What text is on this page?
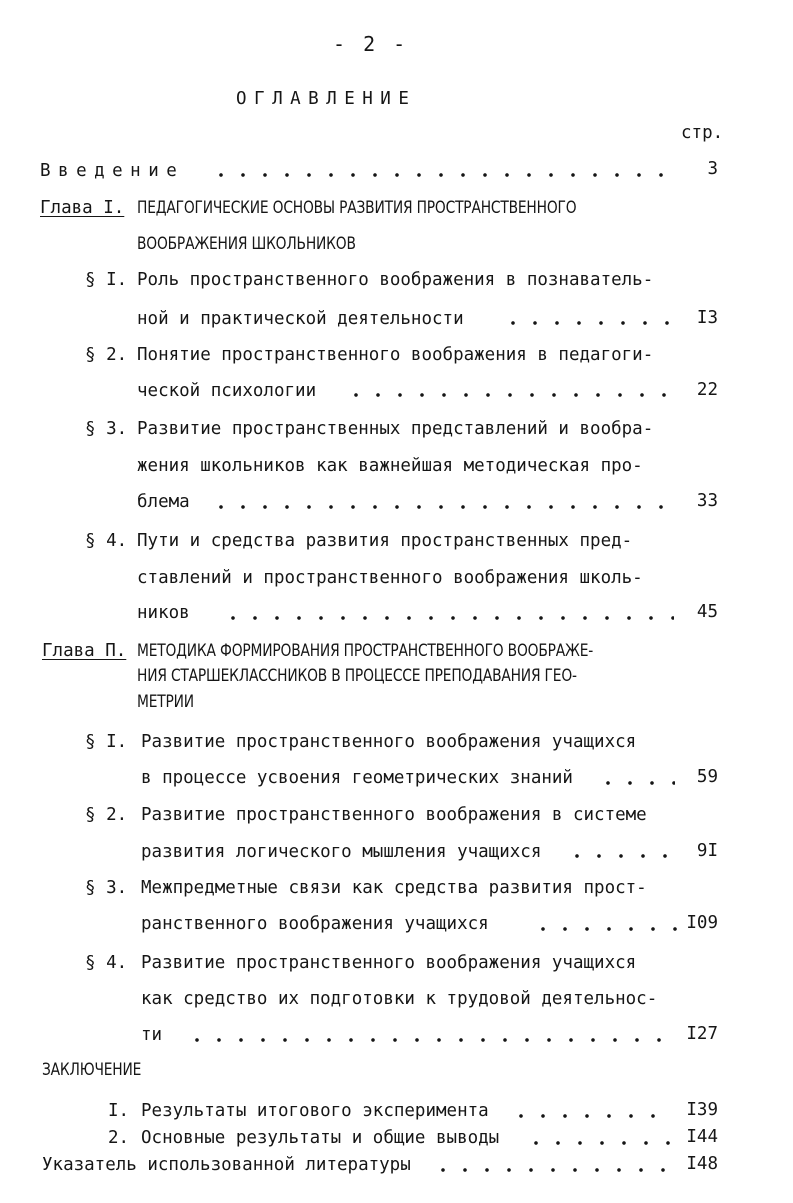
- 2 -
ОГЛАВЛЕНИЕ
стр.
Введение	3
Глава I. ПЕДАГОГИЧЕСКИЕ ОСНОВЫ РАЗВИТИЯ ПРОСТРАНСТВЕННОГО
ВООБРАЖЕНИЯ ШКОЛЬНИКОВ
§ I. Роль пространственного воображения в познаватель-
ной и практической деятельности	I3
§ 2. Понятие пространственного воображения в педагоги-
ческой психологии	22
§ 3. Развитие пространственных представлений и вообра-
жения школьников как важнейшая методическая про-
блема	33
§ 4. Пути и средства развития пространственных пред-
ставлений и пространственного воображения школь-
ников	45
Глава П. МЕТОДИКА ФОРМИРОВАНИЯ ПРОСТРАНСТВЕННОГО ВООБРАЖЕ-
НИЯ СТАРШЕКЛАССНИКОВ В ПРОЦЕССЕ ПРЕПОДАВАНИЯ ГЕО-
МЕТРИИ
§ I. Развитие пространственного воображения учащихся
в процессе усвоения геометрических знаний	59
§ 2. Развитие пространственного воображения в системе
развития логического мышления учащихся	9I
§ 3. Межпредметные связи как средства развития прост-
ранственного воображения учащихся	I09
§ 4. Развитие пространственного воображения учащихся
как средство их подготовки к трудовой деятельнос-
ти	I27
ЗАКЛЮЧЕНИЕ
I. Результаты итогового эксперимента	I39
2. Основные результаты и общие выводы	I44
Указатель использованной литературы	I48
